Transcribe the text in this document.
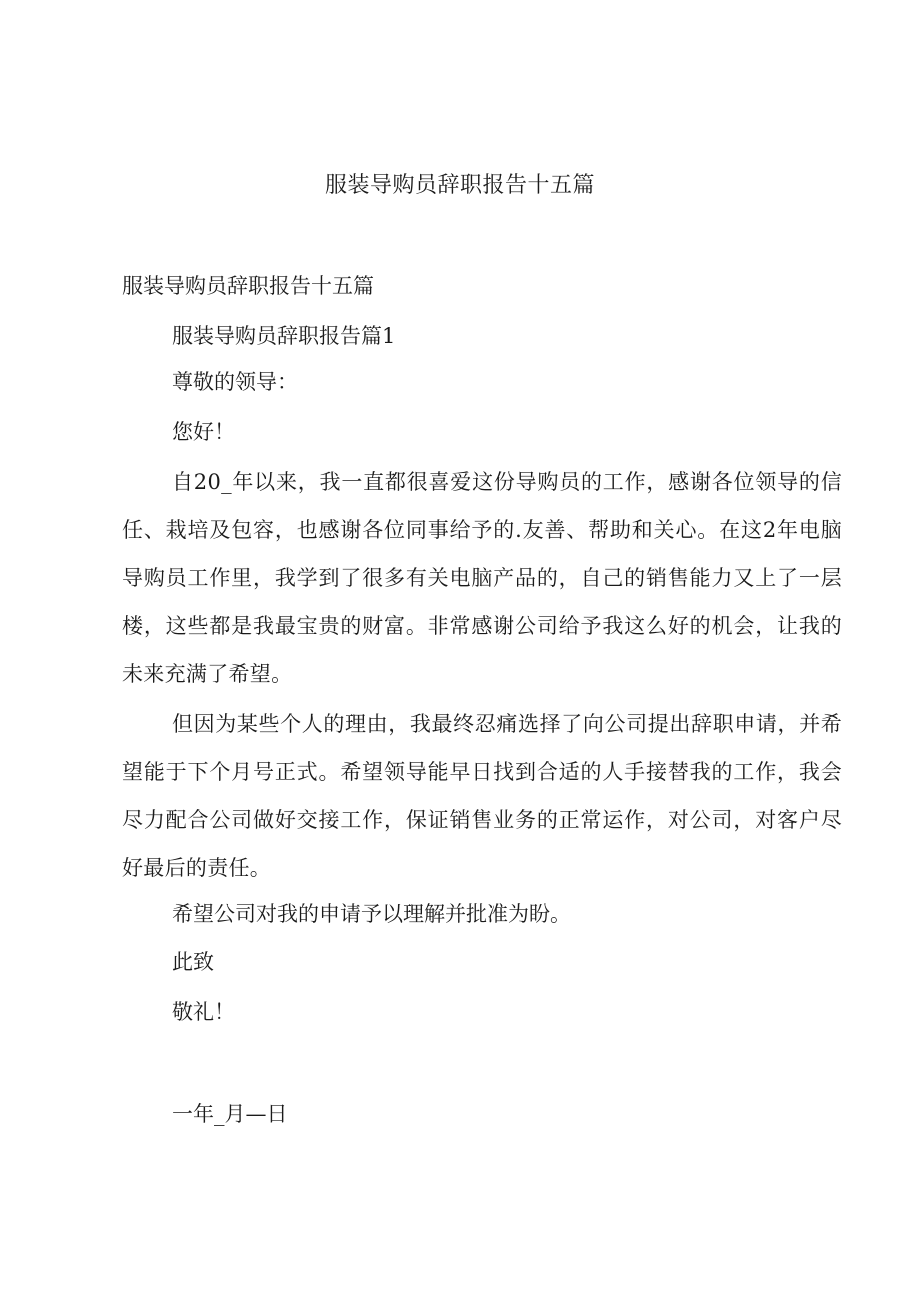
服装导购员辞职报告十五篇
服装导购员辞职报告十五篇
服装导购员辞职报告篇1
尊敬的领导：
您好！
自20_年以来，我一直都很喜爱这份导购员的工作，感谢各位领导的信任、栽培及包容，也感谢各位同事给予的.友善、帮助和关心。在这2年电脑导购员工作里，我学到了很多有关电脑产品的，自己的销售能力又上了一层楼，这些都是我最宝贵的财富。非常感谢公司给予我这么好的机会，让我的未来充满了希望。
但因为某些个人的理由，我最终忍痛选择了向公司提出辞职申请，并希望能于下个月号正式。希望领导能早日找到合适的人手接替我的工作，我会尽力配合公司做好交接工作，保证销售业务的正常运作，对公司，对客户尽好最后的责任。
希望公司对我的申请予以理解并批准为盼。
此致
敬礼！
一年_月—日
